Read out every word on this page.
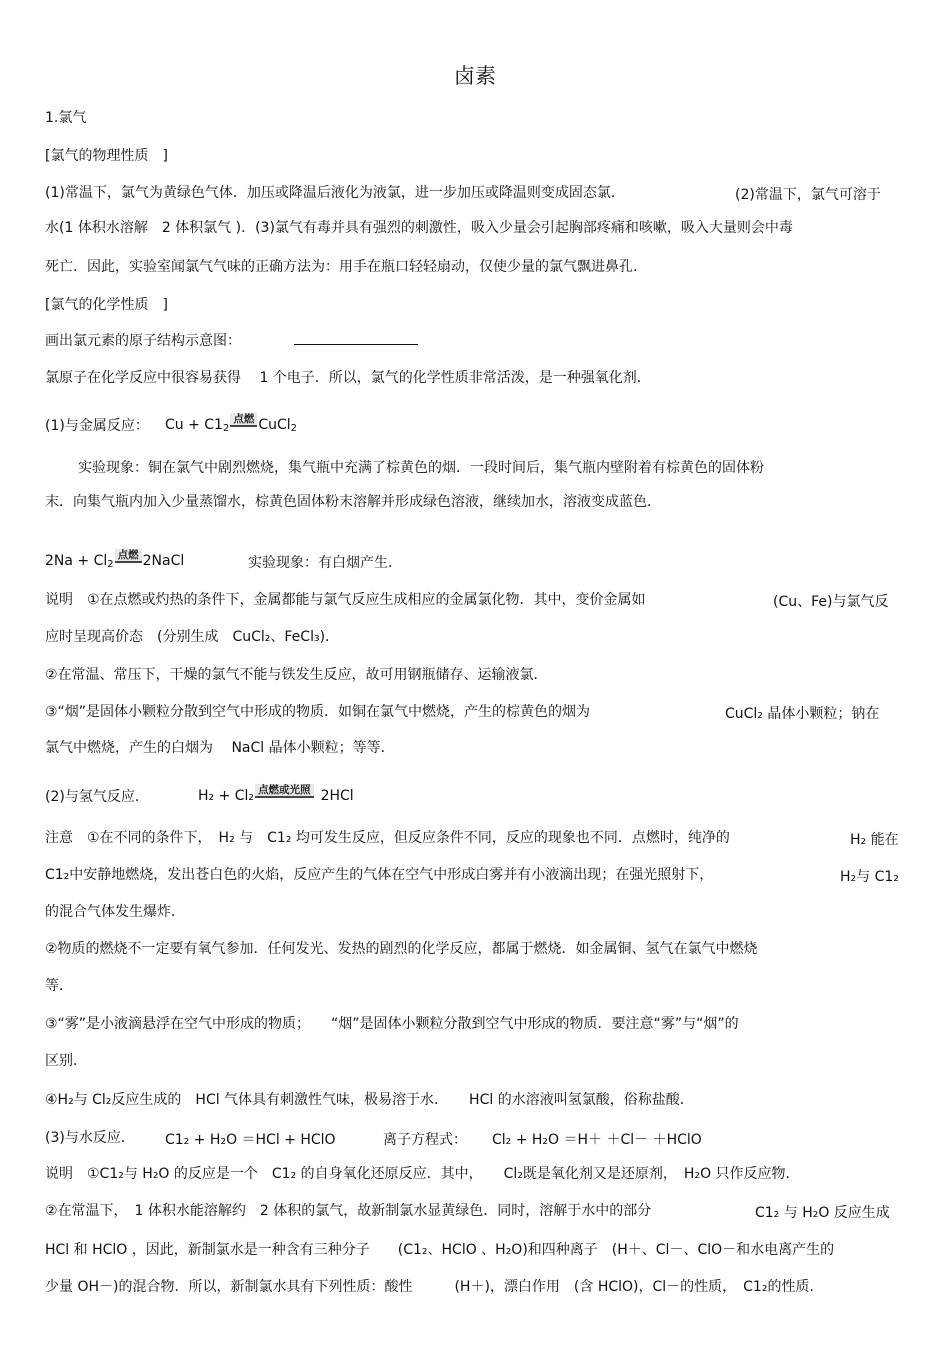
卤素
1.氯气
[氯气的物理性质　]
(1)常温下，氯气为黄绿色气体．加压或降温后液化为液氯，进一步加压或降温则变成固态氯．	(2)常温下，氯气可溶于
水(1 体积水溶解　2 体积氯气 )．(3)氯气有毒并具有强烈的刺激性，吸入少量会引起胸部疼痛和咳嗽，吸入大量则会中毒
死亡．因此，实验室闻氯气气味的正确方法为：用手在瓶口轻轻扇动，仅使少量的氯气飘进鼻孔．
[氯气的化学性质　]
画出氯元素的原子结构示意图：
氯原子在化学反应中很容易获得　 1 个电子．所以，氯气的化学性质非常活泼，是一种强氧化剂．
(1)与金属反应： $Cu + C1_2$点燃 CuCl$_2$
实验现象：铜在氯气中剧烈燃烧，集气瓶中充满了棕黄色的烟．一段时间后，集气瓶内壁附着有棕黄色的固体粉
末．向集气瓶内加入少量蒸馏水，棕黄色固体粉末溶解并形成绿色溶液，继续加水，溶液变成蓝色．
$2Na + Cl_2$点燃 2NaCl	实验现象：有白烟产生．
说明　①在点燃或灼热的条件下，金属都能与氯气反应生成相应的金属氯化物．其中，变价金属如	(Cu、Fe)与氯气反
应时呈现高价态　(分别生成　CuCl₂、FeCl₃)．
②在常温、常压下，干燥的氯气不能与铁发生反应，故可用钢瓶储存、运输液氯．
③“烟”是固体小颗粒分散到空气中形成的物质．如铜在氯气中燃烧，产生的棕黄色的烟为	CuCl₂ 晶体小颗粒；钠在
氯气中燃烧，产生的白烟为　 NaCl 晶体小颗粒；等等．
(2)与氢气反应．	H₂ + Cl₂ 点燃或光照 2HCl
注意　①在不同的条件下，　H₂ 与　C1₂ 均可发生反应，但反应条件不同，反应的现象也不同．点燃时，纯净的	H₂ 能在
C1₂中安静地燃烧，发出苍白色的火焰，反应产生的气体在空气中形成白雾并有小液滴出现；在强光照射下，	H₂与 C1₂
的混合气体发生爆炸．
②物质的燃烧不一定要有氧气参加．任何发光、发热的剧烈的化学反应，都属于燃烧．如金属铜、氢气在氯气中燃烧
等．
③“雾”是小液滴悬浮在空气中形成的物质；　　“烟”是固体小颗粒分散到空气中形成的物质．要注意“雾”与“烟”的
区别．
④H₂与 Cl₂反应生成的　HCl 气体具有刺激性气味，极易溶于水．　　HCl 的水溶液叫氢氯酸，俗称盐酸．
(3)与水反应． C1₂ + H₂O ＝HCl + HClO	离子方程式： Cl₂ + H₂O ＝H＋ ＋Cl－ ＋HClO
说明　①C1₂与 H₂O 的反应是一个　C1₂ 的自身氧化还原反应．其中，　　Cl₂既是氧化剂又是还原剂，　H₂O 只作反应物．
②在常温下，　1 体积水能溶解约　2 体积的氯气，故新制氯水显黄绿色．同时，溶解于水中的部分	C1₂ 与 H₂O 反应生成
HCl 和 HClO ，因此，新制氯水是一种含有三种分子　　(C1₂、HClO 、H₂O)和四种离子　(H＋、Cl－、ClO－和水电离产生的
少量 OH－)的混合物．所以，新制氯水具有下列性质：酸性　　　(H＋)，漂白作用　(含 HClO)，Cl－的性质，　C1₂的性质．
